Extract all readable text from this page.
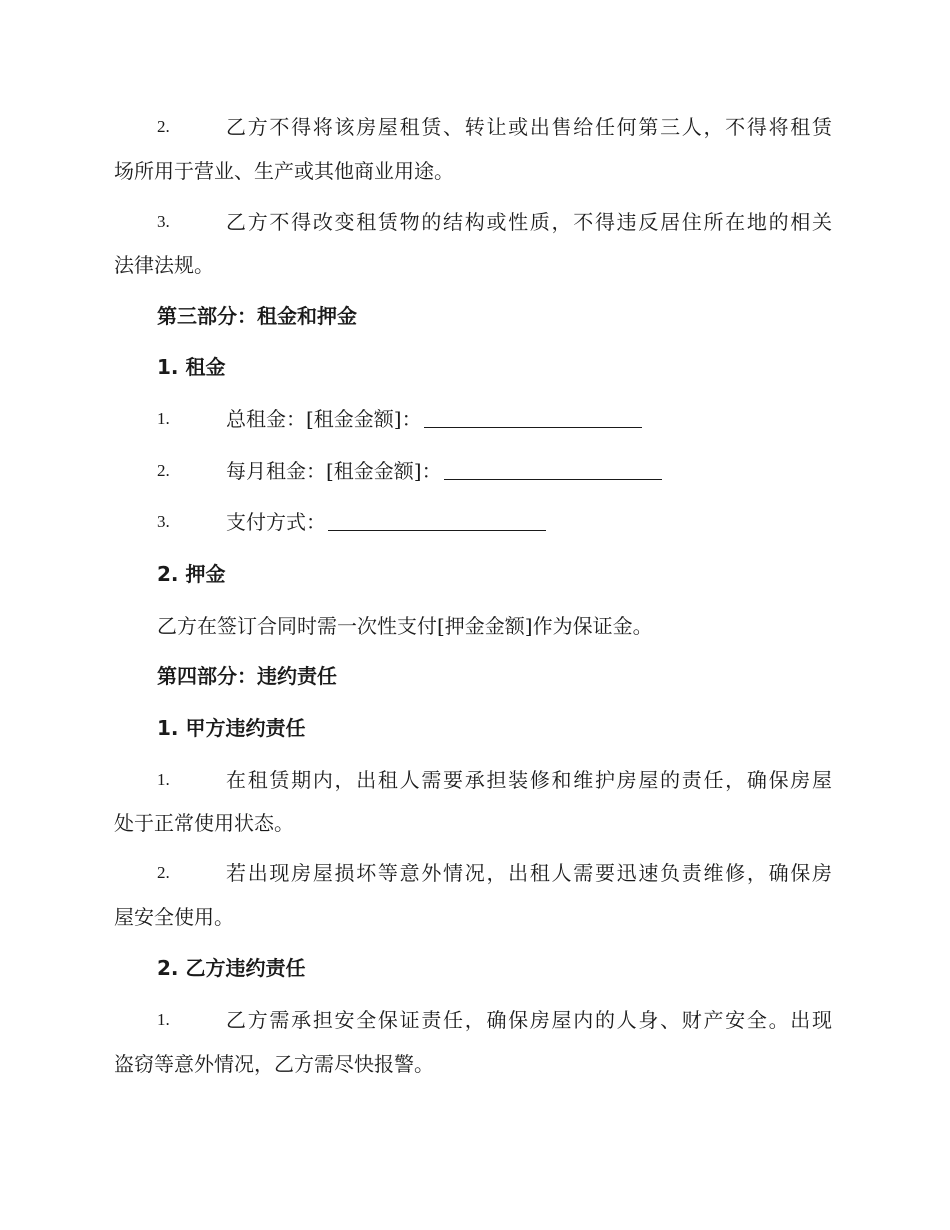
2.	乙方不得将该房屋租赁、转让或出售给任何第三人，不得将租赁
场所用于营业、生产或其他商业用途。
3.	乙方不得改变租赁物的结构或性质，不得违反居住所在地的相关
法律法规。
第三部分：租金和押金
1. 租金
1.	总租金：[租金金额]：
2.	每月租金：[租金金额]：
3.	支付方式：
2. 押金
乙方在签订合同时需一次性支付[押金金额]作为保证金。
第四部分：违约责任
1. 甲方违约责任
1.	在租赁期内，出租人需要承担装修和维护房屋的责任，确保房屋
处于正常使用状态。
2.	若出现房屋损坏等意外情况，出租人需要迅速负责维修，确保房
屋安全使用。
2. 乙方违约责任
1.	乙方需承担安全保证责任，确保房屋内的人身、财产安全。出现
盗窃等意外情况，乙方需尽快报警。
